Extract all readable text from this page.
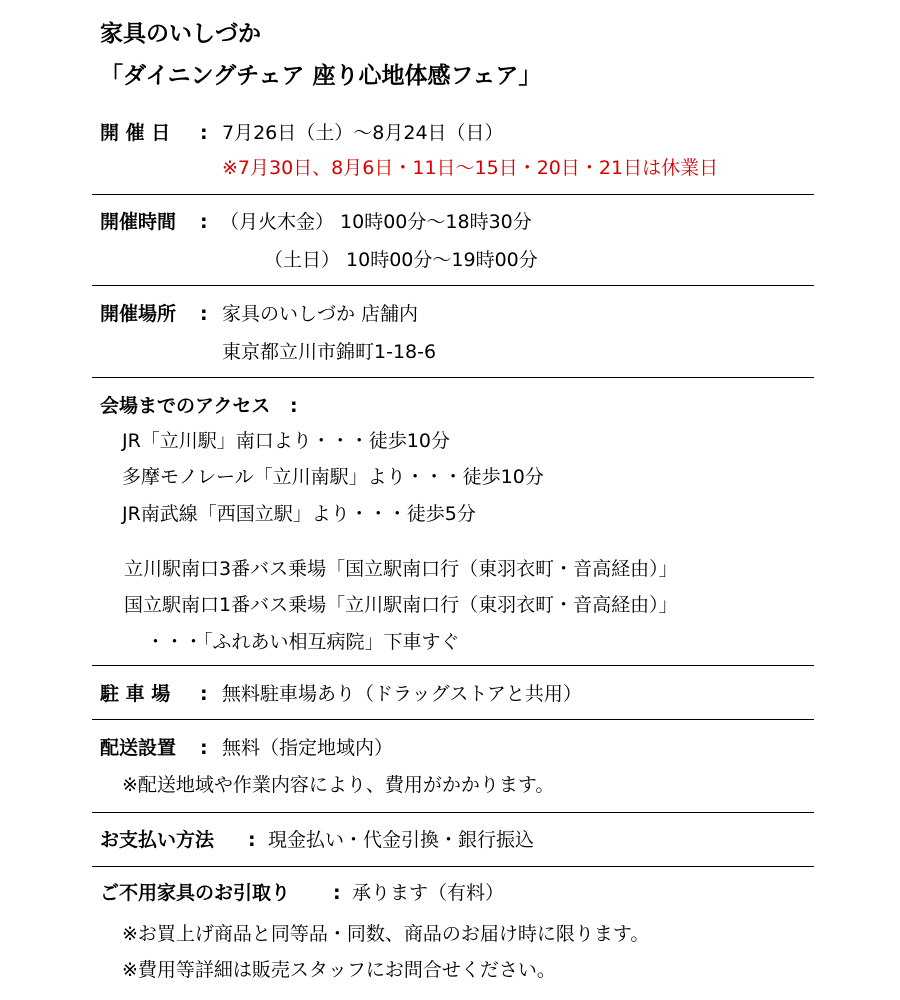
家具のいしづか
「ダイニングチェア 座り心地体感フェア」
開 催 日 : 7月26日（土）～8月24日（日）
※7月30日、8月6日・11日～15日・20日・21日は休業日
開催時間 : （月火木金） 10時00分～18時30分
（土日） 10時00分～19時00分
開催場所 : 家具のいしづか 店舗内
東京都立川市錦町1-18-6
会場までのアクセス :
JR「立川駅」南口より・・・徒歩10分
多摩モノレール「立川南駅」より・・・徒歩10分
JR南武線「西国立駅」より・・・徒歩5分
立川駅南口3番バス乗場「国立駅南口行（東羽衣町・音高経由）」
国立駅南口1番バス乗場「立川駅南口行（東羽衣町・音高経由）」
・・・「ふれあい相互病院」下車すぐ
駐 車 場 : 無料駐車場あり（ドラッグストアと共用）
配送設置 : 無料（指定地域内）
※配送地域や作業内容により、費用がかかります。
お支払い方法 : 現金払い・代金引換・銀行振込
ご不用家具のお引取り : 承ります（有料）
※お買上げ商品と同等品・同数、商品のお届け時に限ります。
※費用等詳細は販売スタッフにお問合せください。
